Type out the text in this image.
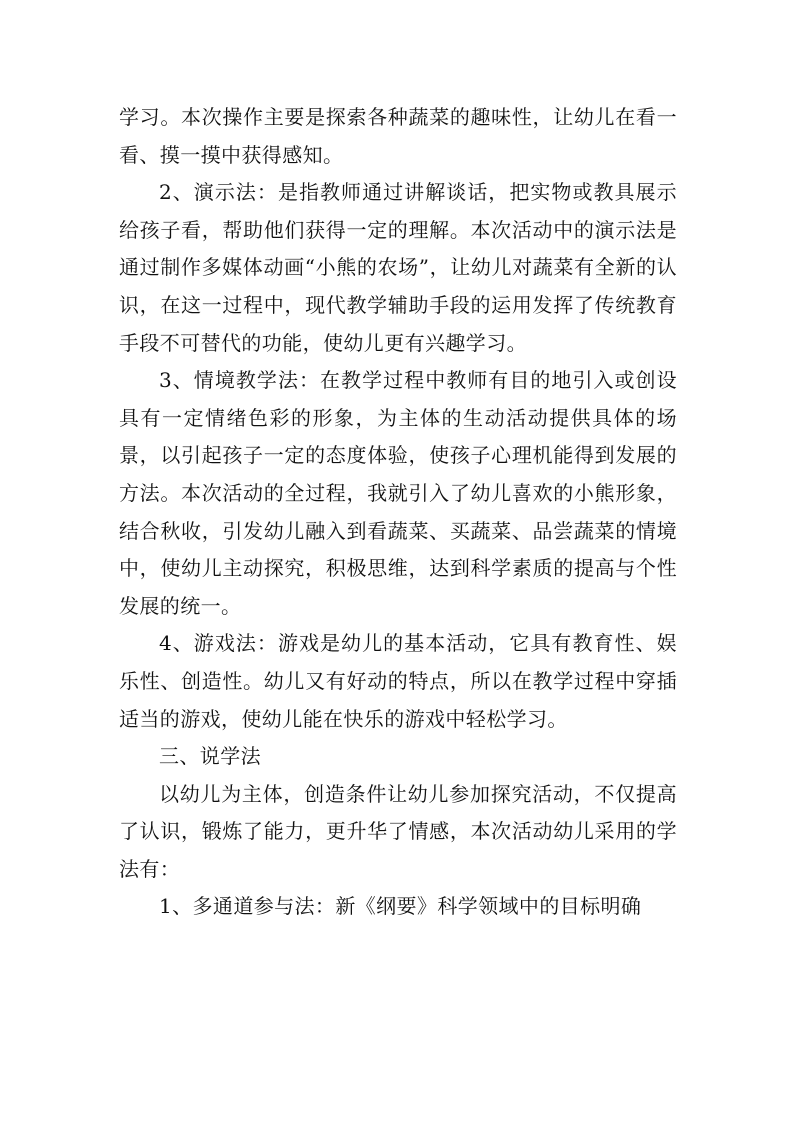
学习。本次操作主要是探索各种蔬菜的趣味性，让幼儿在看一看、摸一摸中获得感知。

2、演示法：是指教师通过讲解谈话，把实物或教具展示给孩子看，帮助他们获得一定的理解。本次活动中的演示法是通过制作多媒体动画“小熊的农场”，让幼儿对蔬菜有全新的认识，在这一过程中，现代教学辅助手段的运用发挥了传统教育手段不可替代的功能，使幼儿更有兴趣学习。

3、情境教学法：在教学过程中教师有目的地引入或创设具有一定情绪色彩的形象，为主体的生动活动提供具体的场景，以引起孩子一定的态度体验，使孩子心理机能得到发展的方法。本次活动的全过程，我就引入了幼儿喜欢的小熊形象，结合秋收，引发幼儿融入到看蔬菜、买蔬菜、品尝蔬菜的情境中，使幼儿主动探究，积极思维，达到科学素质的提高与个性发展的统一。

4、游戏法：游戏是幼儿的基本活动，它具有教育性、娱乐性、创造性。幼儿又有好动的特点，所以在教学过程中穿插适当的游戏，使幼儿能在快乐的游戏中轻松学习。

三、说学法

以幼儿为主体，创造条件让幼儿参加探究活动，不仅提高了认识，锻炼了能力，更升华了情感，本次活动幼儿采用的学法有：

1、多通道参与法：新《纲要》科学领域中的目标明确
